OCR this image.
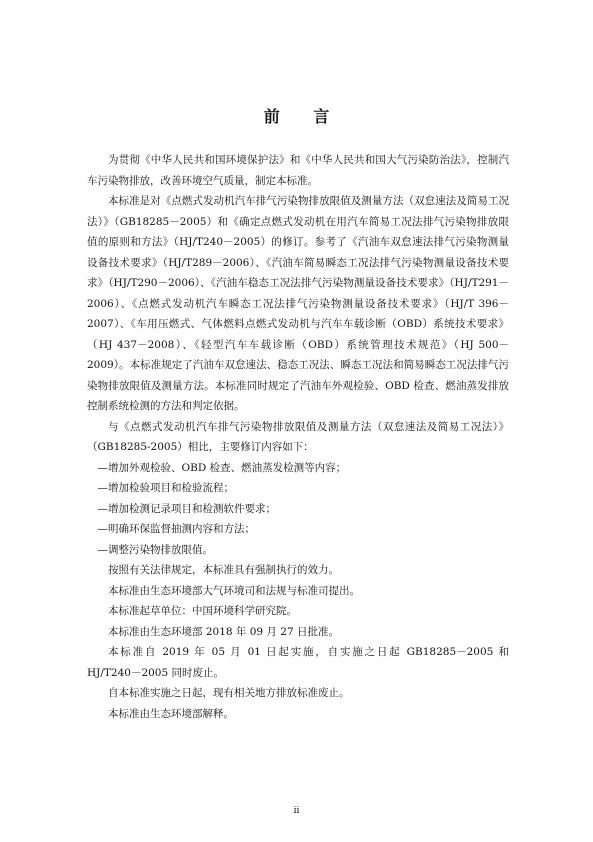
前 言

为贯彻《中华人民共和国环境保护法》和《中华人民共和国大气污染防治法》，控制汽车污染物排放，改善环境空气质量，制定本标准。

本标准是对《点燃式发动机汽车排气污染物排放限值及测量方法（双怠速法及简易工况法）》（GB18285－2005）和《确定点燃式发动机在用汽车简易工况法排气污染物排放限值的原则和方法》（HJ/T240－2005）的修订。参考了《汽油车双怠速法排气污染物测量设备技术要求》（HJ/T289－2006）、《汽油车简易瞬态工况法排气污染物测量设备技术要求》（HJ/T290－2006）、《汽油车稳态工况法排气污染物测量设备技术要求》（HJ/T291－2006）、《点燃式发动机汽车瞬态工况法排气污染物测量设备技术要求》（HJ/T 396－2007）、《车用压燃式、气体燃料点燃式发动机与汽车车载诊断（OBD）系统技术要求》（HJ 437－2008）、《轻型汽车车载诊断（OBD）系统管理技术规范》（HJ 500－2009）。本标准规定了汽油车双怠速法、稳态工况法、瞬态工况法和简易瞬态工况法排气污染物排放限值及测量方法。本标准同时规定了汽油车外观检验、OBD 检查、燃油蒸发排放控制系统检测的方法和判定依据。

与《点燃式发动机汽车排气污染物排放限值及测量方法（双怠速法及简易工况法）》（GB18285-2005）相比，主要修订内容如下：

—增加外观检验、OBD 检查、燃油蒸发检测等内容；

—增加检验项目和检验流程；

—增加检测记录项目和检测软件要求；

—明确环保监督抽测内容和方法；

—调整污染物排放限值。

按照有关法律规定，本标准具有强制执行的效力。

本标准由生态环境部大气环境司和法规与标准司提出。

本标准起草单位：中国环境科学研究院。

本标准由生态环境部 2018 年 09 月 27 日批准。

本标准自 2019 年 05 月 01 日起实施，自实施之日起 GB18285－2005 和 HJ/T240－2005 同时废止。

自本标准实施之日起，现有相关地方排放标准废止。

本标准由生态环境部解释。

ii
